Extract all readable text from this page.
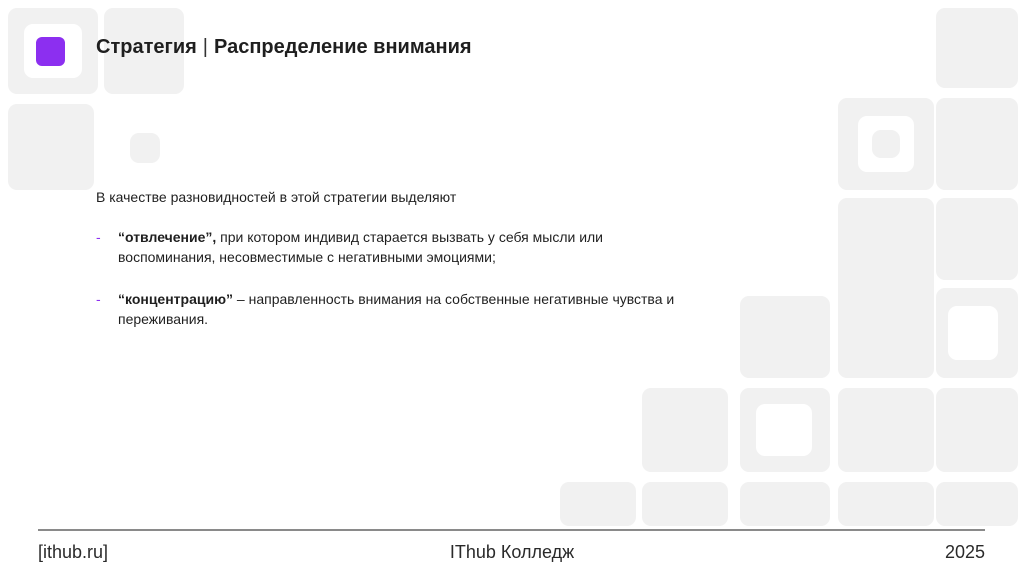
Стратегия | Распределение внимания

В качестве разновидностей в этой стратегии выделяют

- “отвлечение”, при котором индивид старается вызвать у себя мысли или воспоминания, несовместимые с негативными эмоциями;
- “концентрацию” – направленность внимания на собственные негативные чувства и переживания.
[ithub.ru]	IThub Колледж	2025
